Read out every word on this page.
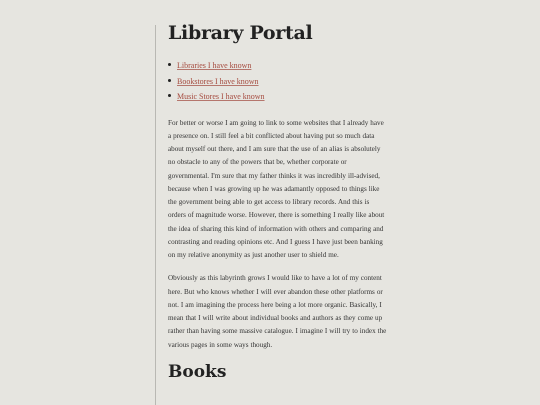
Library Portal
Libraries I have known
Bookstores I have known
Music Stores I have known

For better or worse I am going to link to some websites that I already have a presence on. I still feel a bit conflicted about having put so much data about myself out there, and I am sure that the use of an alias is absolutely no obstacle to any of the powers that be, whether corporate or governmental. I'm sure that my father thinks it was incredibly ill-advised, because when I was growing up he was adamantly opposed to things like the government being able to get access to library records. And this is orders of magnitude worse. However, there is something I really like about the idea of sharing this kind of information with others and comparing and contrasting and reading opinions etc. And I guess I have just been banking on my relative anonymity as just another user to shield me.

Obviously as this labyrinth grows I would like to have a lot of my content here. But who knows whether I will ever abandon these other platforms or not. I am imagining the process here being a lot more organic. Basically, I mean that I will write about individual books and authors as they come up rather than having some massive catalogue. I imagine I will try to index the various pages in some ways though.

Books
